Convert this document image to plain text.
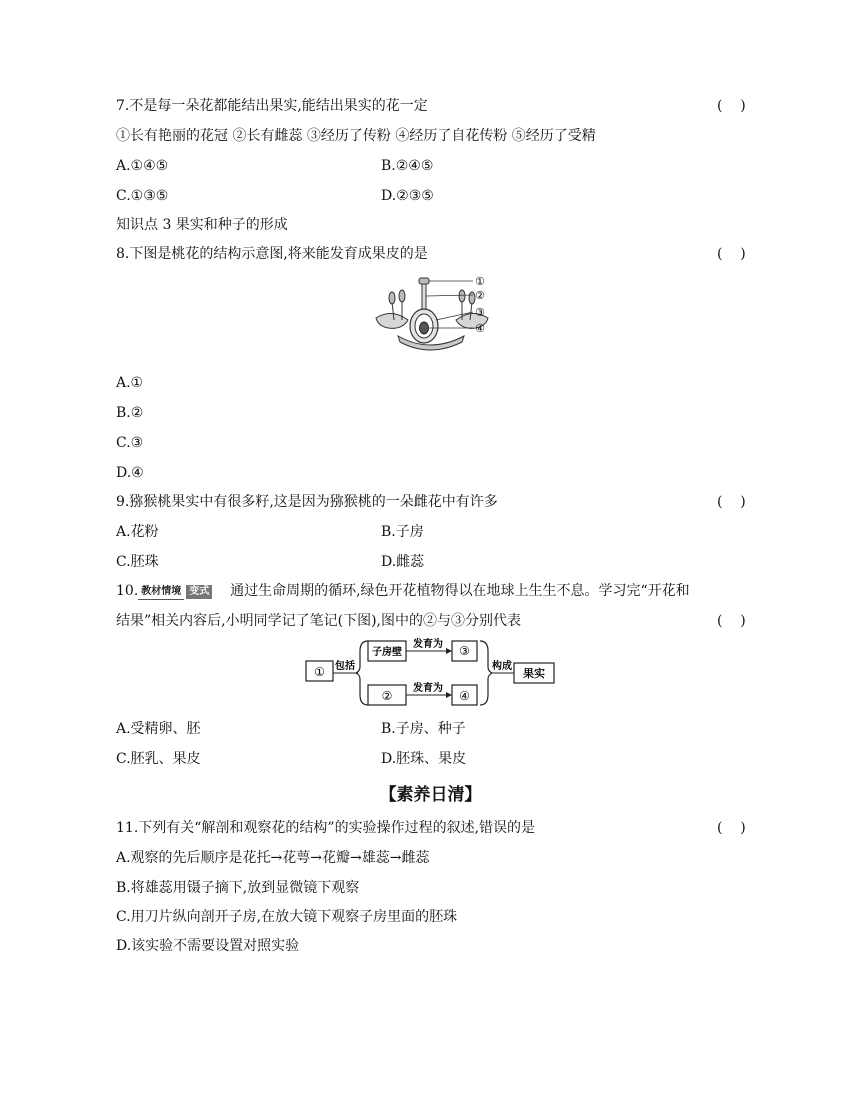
7.不是每一朵花都能结出果实,能结出果实的花一定	(    )
①长有艳丽的花冠 ②长有雌蕊 ③经历了传粉 ④经历了自花传粉 ⑤经历了受精
A.①④⑤	B.②④⑤
C.①③⑤	D.②③⑤
知识点 3 果实和种子的形成
8.下图是桃花的结构示意图,将来能发育成果皮的是	(    )
①
②
③
④
A.①
B.②
C.③
D.④
9.猕猴桃果实中有很多籽,这是因为猕猴桃的一朵雌花中有许多	(    )
A.花粉	B.子房
C.胚珠	D.雌蕊
10. 教材情境 变式 通过生命周期的循环,绿色开花植物得以在地球上生生不息。学习完“开花和
结果”相关内容后,小明同学记了笔记(下图),图中的②与③分别代表	(    )
① 包括
子房壁
发育为 ③
②
发育为
④
构成
果实
A.受精卵、胚	B.子房、种子
C.胚乳、果皮	D.胚珠、果皮
【素养日清】
11.下列有关“解剖和观察花的结构”的实验操作过程的叙述,错误的是	(    )
A.观察的先后顺序是花托→花萼→花瓣→雄蕊→雌蕊
B.将雄蕊用镊子摘下,放到显微镜下观察
C.用刀片纵向剖开子房,在放大镜下观察子房里面的胚珠
D.该实验不需要设置对照实验
